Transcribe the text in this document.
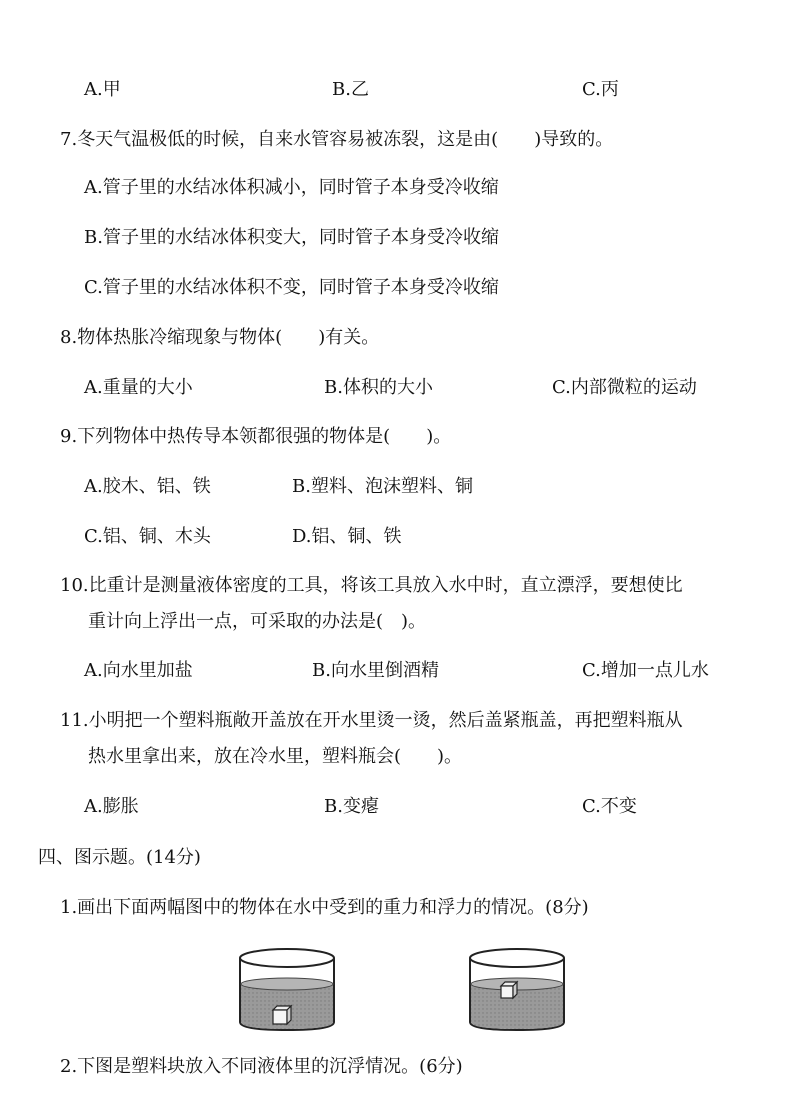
A.甲	B.乙	C.丙
7.冬天气温极低的时候，自来水管容易被冻裂，这是由(　　)导致的。
A.管子里的水结冰体积减小，同时管子本身受冷收缩
B.管子里的水结冰体积变大，同时管子本身受冷收缩
C.管子里的水结冰体积不变，同时管子本身受冷收缩
8.物体热胀冷缩现象与物体(　　)有关。
A.重量的大小	B.体积的大小	C.内部微粒的运动
9.下列物体中热传导本领都很强的物体是(　　)。
A.胶木、铝、铁	B.塑料、泡沫塑料、铜
C.铝、铜、木头	D.铝、铜、铁
10.比重计是测量液体密度的工具，将该工具放入水中时，直立漂浮，要想使比
重计向上浮出一点，可采取的办法是(　)。
A.向水里加盐	B.向水里倒酒精	C.增加一点儿水
11.小明把一个塑料瓶敞开盖放在开水里烫一烫，然后盖紧瓶盖，再把塑料瓶从
热水里拿出来，放在冷水里，塑料瓶会(　　)。
A.膨胀	B.变瘪	C.不变
四、图示题。(14分)
1.画出下面两幅图中的物体在水中受到的重力和浮力的情况。(8分)
2.下图是塑料块放入不同液体里的沉浮情况。(6分)
